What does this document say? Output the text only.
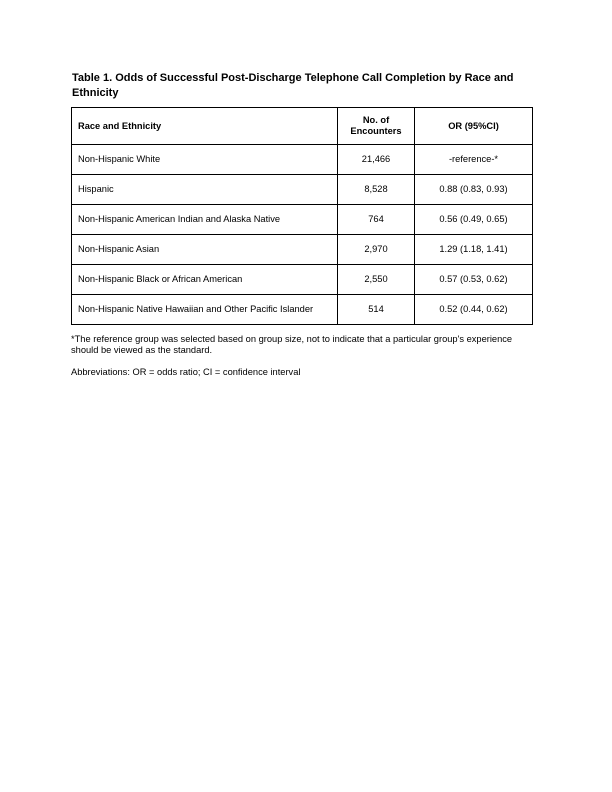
Table 1. Odds of Successful Post-Discharge Telephone Call Completion by Race and Ethnicity

Race and Ethnicity	No. of Encounters	OR (95%CI)
Non-Hispanic White	21,466	-reference-*
Hispanic	8,528	0.88 (0.83, 0.93)
Non-Hispanic American Indian and Alaska Native	764	0.56 (0.49, 0.65)
Non-Hispanic Asian	2,970	1.29 (1.18, 1.41)
Non-Hispanic Black or African American	2,550	0.57 (0.53, 0.62)
Non-Hispanic Native Hawaiian and Other Pacific Islander	514	0.52 (0.44, 0.62)

*The reference group was selected based on group size, not to indicate that a particular group's experience should be viewed as the standard.

Abbreviations: OR = odds ratio; CI = confidence interval
